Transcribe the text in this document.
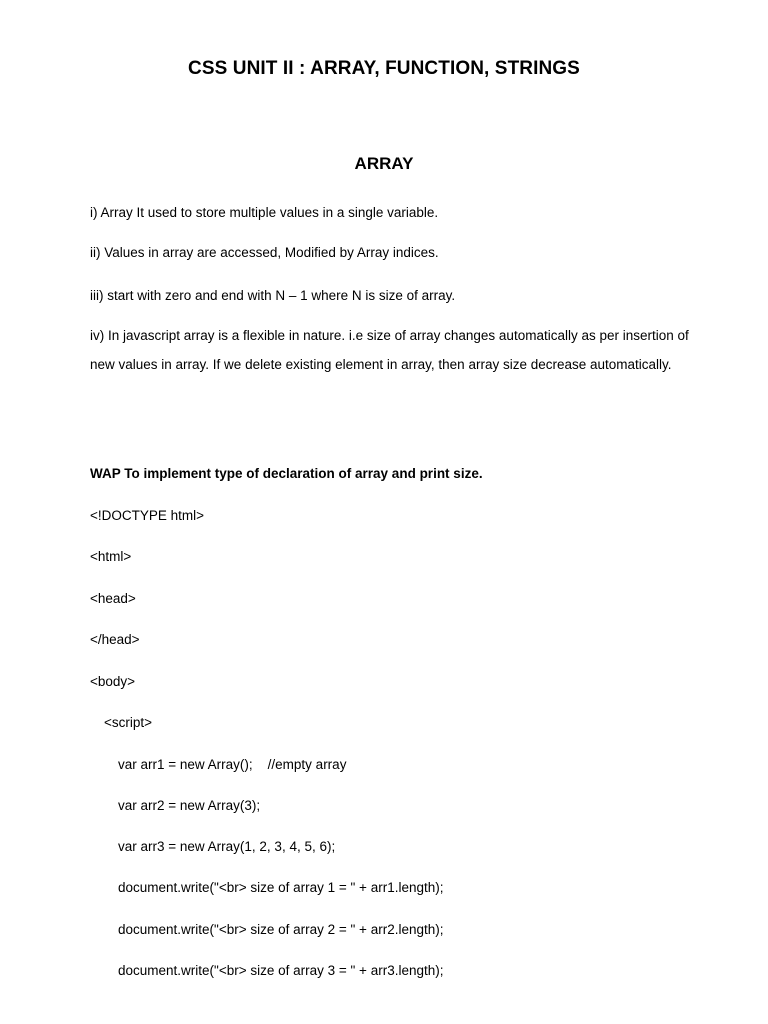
CSS UNIT II : ARRAY, FUNCTION, STRINGS
ARRAY

i) Array It used to store multiple values in a single variable.

ii) Values in array are accessed, Modified by Array indices.

iii) start with zero and end with N – 1 where N is size of array.

iv) In javascript array is a flexible in nature. i.e size of array changes automatically as per insertion of new values in array. If we delete existing element in array, then array size decrease automatically.

WAP To implement type of declaration of array and print size.
<!DOCTYPE html>
<html>
<head>
</head>
<body>
<script>
var arr1 = new Array();    //empty array
var arr2 = new Array(3);
var arr3 = new Array(1, 2, 3, 4, 5, 6);
document.write("<br> size of array 1 = " + arr1.length);
document.write("<br> size of array 2 = " + arr2.length);
document.write("<br> size of array 3 = " + arr3.length);
